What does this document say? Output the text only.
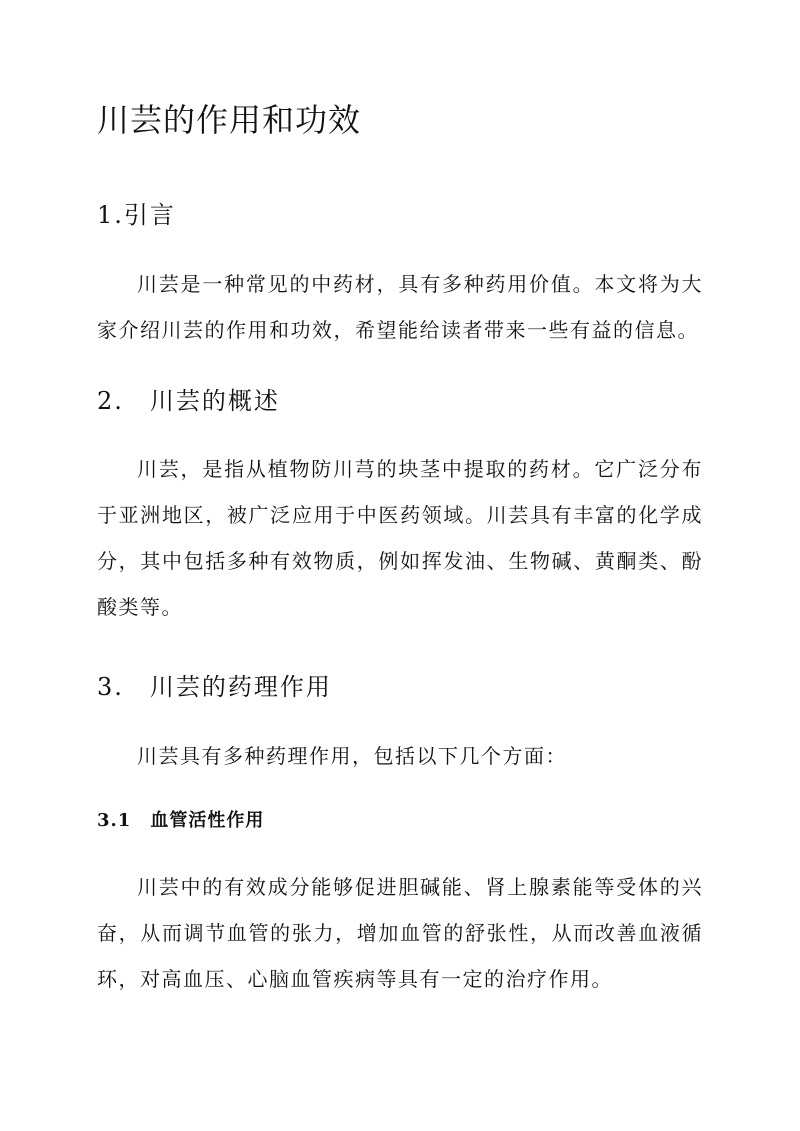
川芸的作用和功效
1.引言

川芸是一种常见的中药材，具有多种药用价值。本文将为大家介绍川芸的作用和功效，希望能给读者带来一些有益的信息。

2.　川芸的概述

川芸，是指从植物防川芎的块茎中提取的药材。它广泛分布于亚洲地区，被广泛应用于中医药领域。川芸具有丰富的化学成分，其中包括多种有效物质，例如挥发油、生物碱、黄酮类、酚酸类等。

3.　川芸的药理作用

川芸具有多种药理作用，包括以下几个方面：

3.1　血管活性作用

川芸中的有效成分能够促进胆碱能、肾上腺素能等受体的兴奋，从而调节血管的张力，增加血管的舒张性，从而改善血液循环，对高血压、心脑血管疾病等具有一定的治疗作用。
